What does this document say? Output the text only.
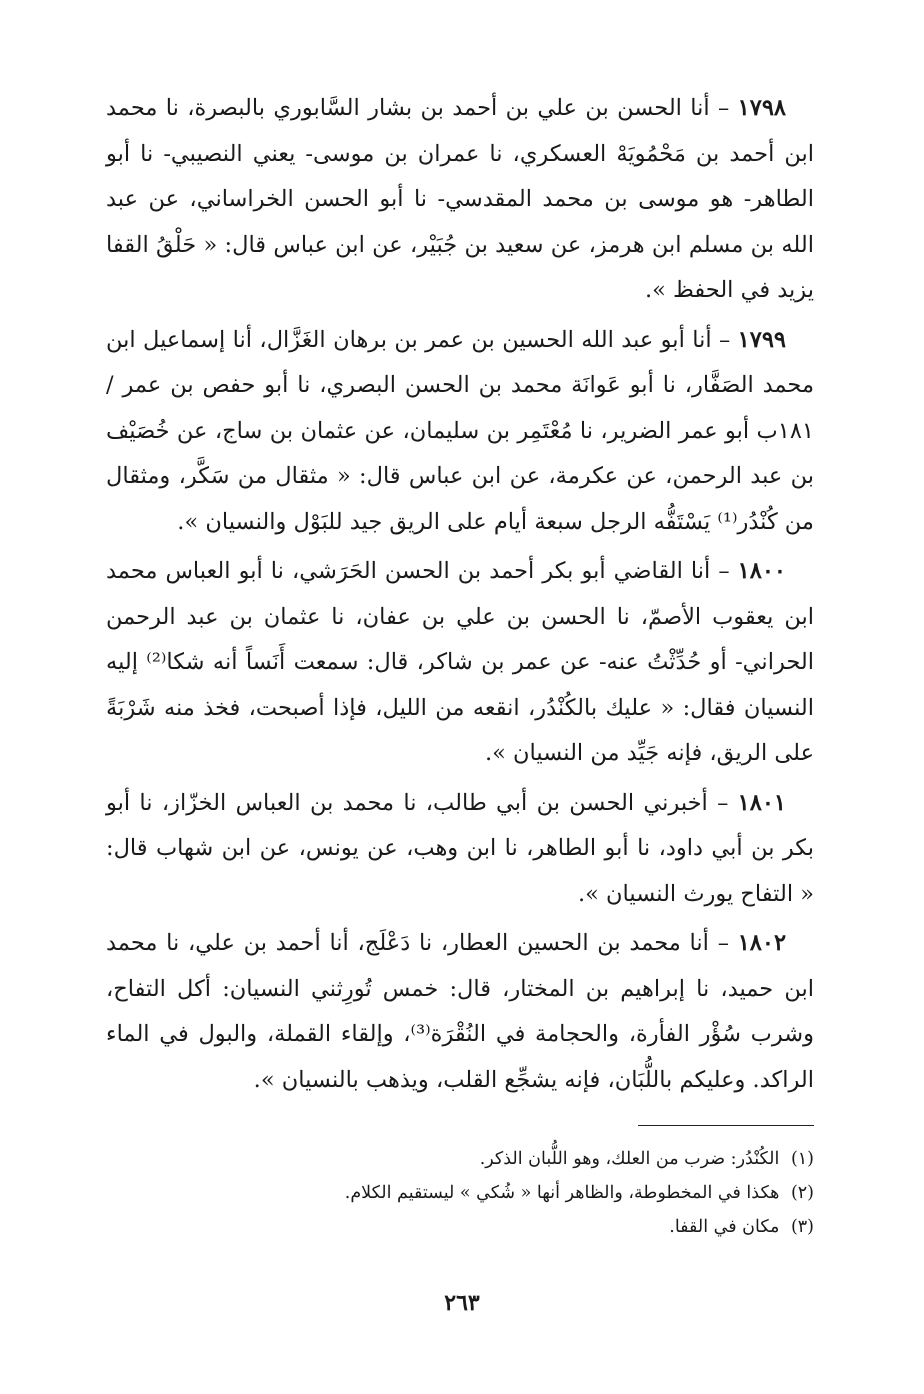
١٧٩٨ – أنا الحسن بن علي بن أحمد بن بشار السَّابوري بالبصرة، نا محمد ابن أحمد بن مَحْمُويَهْ العسكري، نا عمران بن موسى- يعني النصيبي- نا أبو الطاهر- هو موسى بن محمد المقدسي- نا أبو الحسن الخراساني، عن عبد الله بن مسلم ابن هرمز، عن سعيد بن جُبَيْر، عن ابن عباس قال: « حَلْقُ القفا يزيد في الحفظ ».

١٧٩٩ – أنا أبو عبد الله الحسين بن عمر بن برهان الغَزَّال، أنا إسماعيل ابن محمد الصَفَّار، نا أبو عَوانَة محمد بن الحسن البصري، نا أبو حفص بن عمر /١٨١ب أبو عمر الضرير، نا مُعْتَمِر بن سليمان، عن عثمان بن ساج، عن خُصَيْف بن عبد الرحمن، عن عكرمة، عن ابن عباس قال: « مثقال من سَكَّر، ومثقال من كُنْدُر⁽¹⁾ يَسْتَفُّه الرجل سبعة أيام على الريق جيد للبَوْل والنسيان ».

١٨٠٠ – أنا القاضي أبو بكر أحمد بن الحسن الحَرَشي، نا أبو العباس محمد ابن يعقوب الأصمّ، نا الحسن بن علي بن عفان، نا عثمان بن عبد الرحمن الحراني- أو حُدِّثْتُ عنه- عن عمر بن شاكر، قال: سمعت أَنَساً أنه شكا⁽²⁾ إليه النسيان فقال: « عليك بالكُنْدُر، انقعه من الليل، فإذا أصبحت، فخذ منه شَرْبَةً على الريق، فإنه جَيِّد من النسيان ».

١٨٠١ – أخبرني الحسن بن أبي طالب، نا محمد بن العباس الخزّاز، نا أبو بكر بن أبي داود، نا أبو الطاهر، نا ابن وهب، عن يونس، عن ابن شهاب قال: « التفاح يورث النسيان ».

١٨٠٢ – أنا محمد بن الحسين العطار، نا دَعْلَج، أنا أحمد بن علي، نا محمد ابن حميد، نا إبراهيم بن المختار، قال: خمس تُورِثني النسيان: أكل التفاح، وشرب سُؤْر الفأرة، والحجامة في النُقْرَة⁽³⁾، وإلقاء القملة، والبول في الماء الراكد. وعليكم باللُّبَان، فإنه يشجِّع القلب، ويذهب بالنسيان ».

(١) الكُنْدُر: ضرب من العلك، وهو اللُّبان الذكر.

(٢) هكذا في المخطوطة، والظاهر أنها « شُكي » ليستقيم الكلام.

(٣) مكان في القفا.

٢٦٣
